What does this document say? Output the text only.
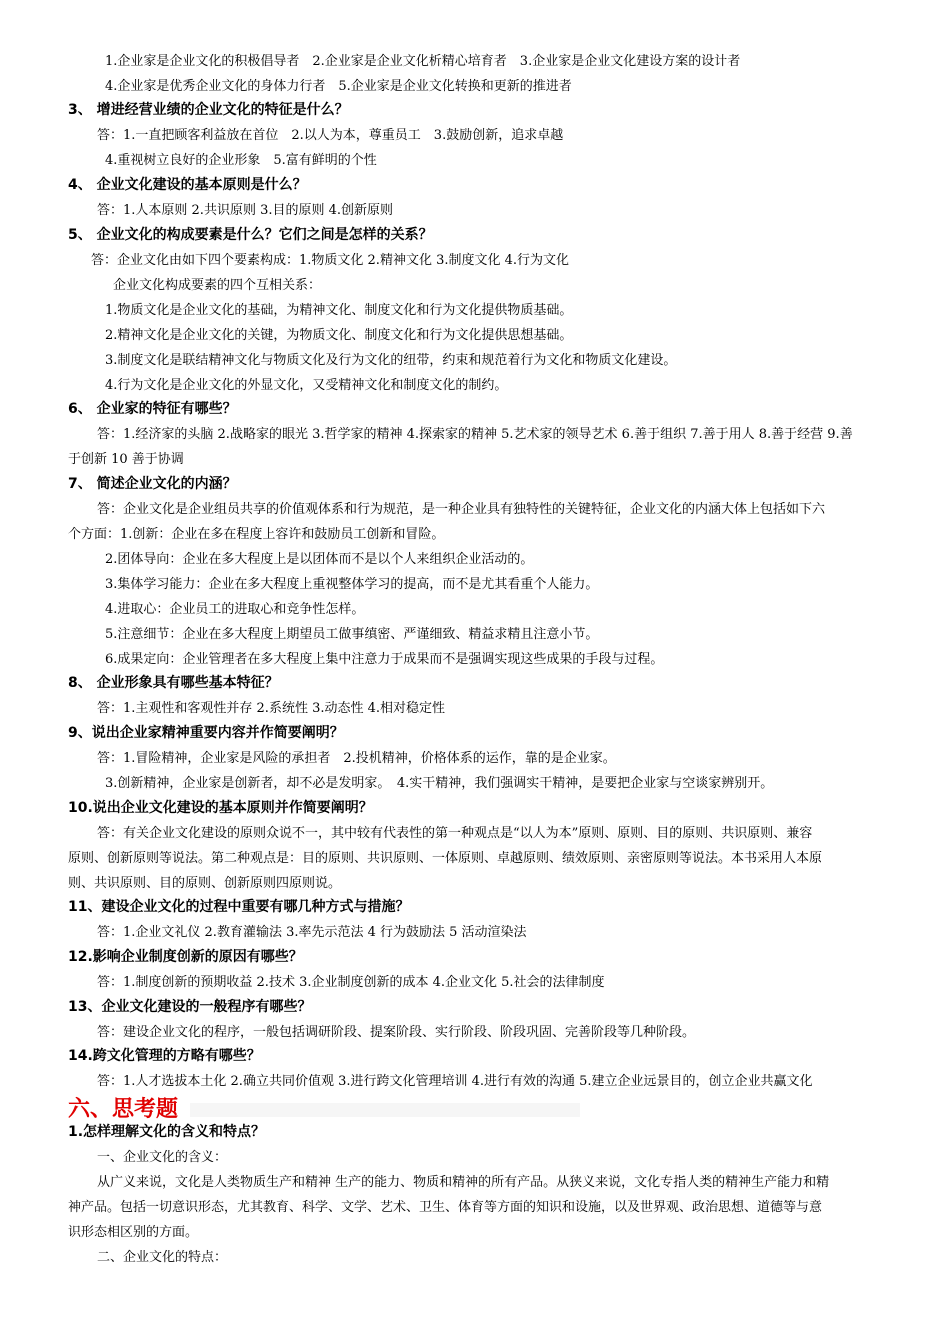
1.企业家是企业文化的积极倡导者　2.企业家是企业文化析精心培育者　3.企业家是企业文化建设方案的设计者
4.企业家是优秀企业文化的身体力行者　5.企业家是企业文化转换和更新的推进者
3、 增进经营业绩的企业文化的特征是什么？
答：1.一直把顾客利益放在首位　2.以人为本，尊重员工　3.鼓励创新，追求卓越
4.重视树立良好的企业形象　5.富有鲜明的个性
4、 企业文化建设的基本原则是什么？
答：1.人本原则 2.共识原则 3.目的原则 4.创新原则
5、 企业文化的构成要素是什么？它们之间是怎样的关系？
答：企业文化由如下四个要素构成：1.物质文化 2.精神文化 3.制度文化 4.行为文化
企业文化构成要素的四个互相关系：
1.物质文化是企业文化的基础，为精神文化、制度文化和行为文化提供物质基础。
2.精神文化是企业文化的关键，为物质文化、制度文化和行为文化提供思想基础。
3.制度文化是联结精神文化与物质文化及行为文化的纽带，约束和规范着行为文化和物质文化建设。
4.行为文化是企业文化的外显文化，又受精神文化和制度文化的制约。
6、 企业家的特征有哪些？
答：1.经济家的头脑 2.战略家的眼光 3.哲学家的精神 4.探索家的精神 5.艺术家的领导艺术 6.善于组织 7.善于用人 8.善于经营 9.善
于创新 10 善于协调
7、 简述企业文化的内涵？
答：企业文化是企业组员共享的价值观体系和行为规范，是一种企业具有独特性的关键特征，企业文化的内涵大体上包括如下六
个方面：1.创新：企业在多在程度上容许和鼓励员工创新和冒险。
2.团体导向：企业在多大程度上是以团体而不是以个人来组织企业活动的。
3.集体学习能力：企业在多大程度上重视整体学习的提高，而不是尤其看重个人能力。
4.进取心：企业员工的进取心和竞争性怎样。
5.注意细节：企业在多大程度上期望员工做事缜密、严谨细致、精益求精且注意小节。
6.成果定向：企业管理者在多大程度上集中注意力于成果而不是强调实现这些成果的手段与过程。
8、 企业形象具有哪些基本特征？
答：1.主观性和客观性并存 2.系统性 3.动态性 4.相对稳定性
9、说出企业家精神重要内容并作简要阐明？
答：1.冒险精神，企业家是风险的承担者　2.投机精神，价格体系的运作，靠的是企业家。
3.创新精神，企业家是创新者，却不必是发明家。　4.实干精神，我们强调实干精神，是要把企业家与空谈家辨别开。
10.说出企业文化建设的基本原则并作简要阐明？
答：有关企业文化建设的原则众说不一，其中较有代表性的第一种观点是“以人为本”原则、原则、目的原则、共识原则、兼容
原则、创新原则等说法。第二种观点是：目的原则、共识原则、一体原则、卓越原则、绩效原则、亲密原则等说法。本书采用人本原
则、共识原则、目的原则、创新原则四原则说。
11、建设企业文化的过程中重要有哪几种方式与措施？
答：1.企业文礼仪 2.教育灌输法 3.率先示范法 4 行为鼓励法 5 活动渲染法
12.影响企业制度创新的原因有哪些？
答：1.制度创新的预期收益 2.技术 3.企业制度创新的成本 4.企业文化 5.社会的法律制度
13、企业文化建设的一般程序有哪些？
答：建设企业文化的程序，一般包括调研阶段、提案阶段、实行阶段、阶段巩固、完善阶段等几种阶段。
14.跨文化管理的方略有哪些？
答：1.人才选拔本土化 2.确立共同价值观 3.进行跨文化管理培训 4.进行有效的沟通 5.建立企业远景目的，创立企业共赢文化
六、思考题
1.怎样理解文化的含义和特点？
一、企业文化的含义：
从广义来说，文化是人类物质生产和精神 生产的能力、物质和精神的所有产品。从狭义来说，文化专指人类的精神生产能力和精
神产品。包括一切意识形态，尤其教育、科学、文学、艺术、卫生、体育等方面的知识和设施，以及世界观、政治思想、道德等与意
识形态相区别的方面。
二、企业文化的特点：
